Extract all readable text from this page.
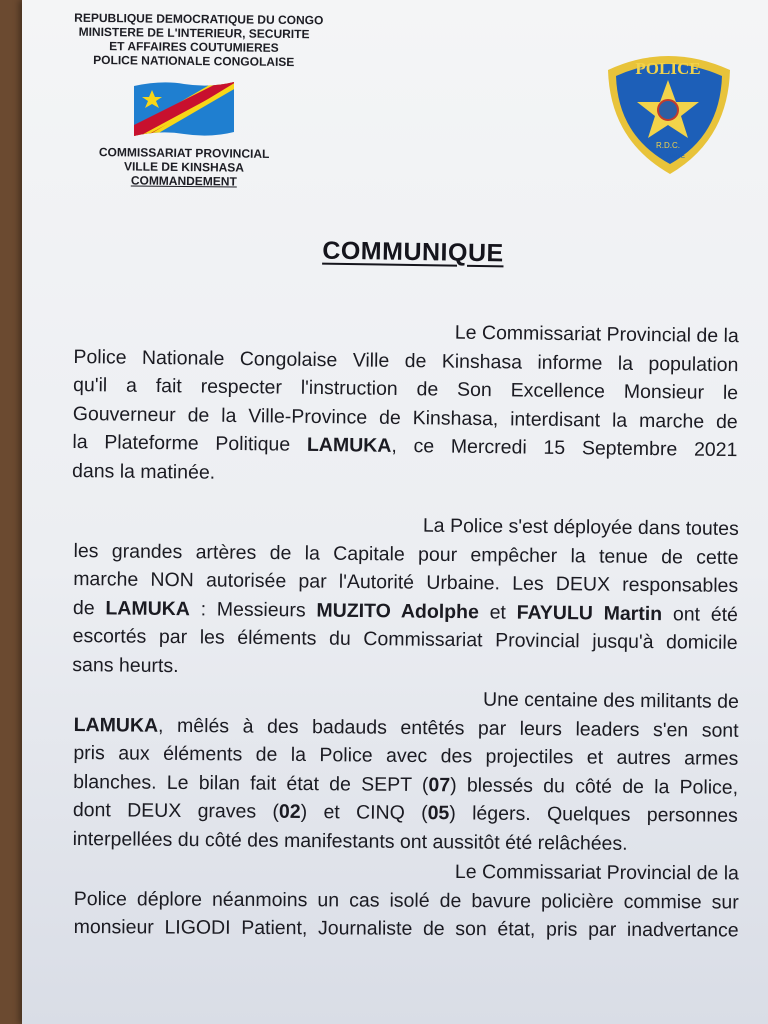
REPUBLIQUE DEMOCRATIQUE DU CONGO
MINISTERE DE L'INTERIEUR, SECURITE
ET AFFAIRES COUTUMIERES
POLICE NATIONALE CONGOLAISE
COMMISSARIAT PROVINCIAL
VILLE DE KINSHASA
COMMANDEMENT
POLICE
R.D.C.
UNITE
COMMUNIQUE
Le Commissariat Provincial de la
Police Nationale Congolaise Ville de Kinshasa informe la population
qu'il a fait respecter l'instruction de Son Excellence Monsieur le
Gouverneur de la Ville-Province de Kinshasa, interdisant la marche de
la Plateforme Politique LAMUKA, ce Mercredi 15 Septembre 2021
dans la matinée.
La Police s'est déployée dans toutes
les grandes artères de la Capitale pour empêcher la tenue de cette
marche NON autorisée par l'Autorité Urbaine. Les DEUX responsables
de LAMUKA : Messieurs MUZITO Adolphe et FAYULU Martin ont été
escortés par les éléments du Commissariat Provincial jusqu'à domicile
sans heurts.
Une centaine des militants de
LAMUKA, mêlés à des badauds entêtés par leurs leaders s'en sont
pris aux éléments de la Police avec des projectiles et autres armes
blanches. Le bilan fait état de SEPT (07) blessés du côté de la Police,
dont DEUX graves (02) et CINQ (05) légers. Quelques personnes
interpellées du côté des manifestants ont aussitôt été relâchées.
Le Commissariat Provincial de la
Police déplore néanmoins un cas isolé de bavure policière commise sur
monsieur LIGODI Patient, Journaliste de son état, pris par inadvertance
